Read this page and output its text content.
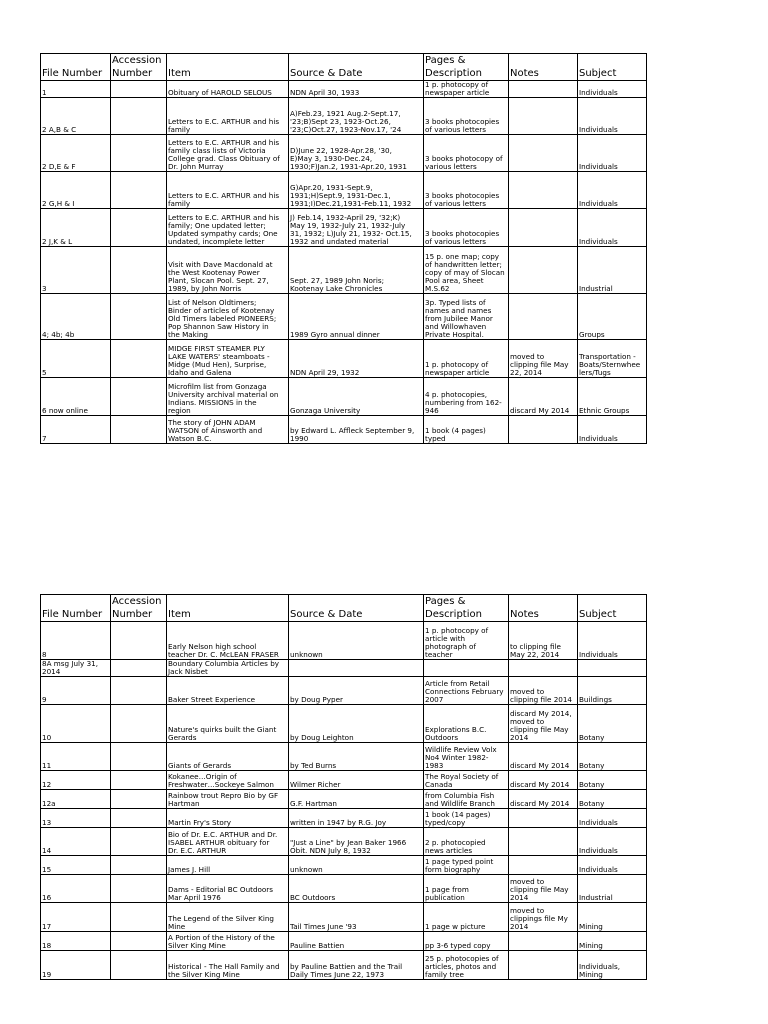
File Number	Accession
Number	Item	Source & Date	Pages &
Description	Notes	Subject
1		Obituary of HAROLD SELOUS	NDN April 30, 1933	1 p. photocopy of
newspaper article		Individuals
2 A,B & C		Letters to E.C. ARTHUR and his
family	A)Feb.23, 1921 Aug.2-Sept.17,
'23;B)Sept 23, 1923-Oct.26,
'23;C)Oct.27, 1923-Nov.17, '24	3 books photocopies
of various letters		Individuals
2 D,E & F		Letters to E.C. ARTHUR and his
family class lists of Victoria
College grad. Class Obituary of
Dr. John Murray	D)June 22, 1928-Apr.28, '30,
E)May 3, 1930-Dec.24,
1930;F)Jan.2, 1931-Apr.20, 1931	3 books photocopy of
various letters		Individuals
2 G,H & I		Letters to E.C. ARTHUR and his
family	G)Apr.20, 1931-Sept.9,
1931;H)Sept.9, 1931-Dec.1,
1931;I)Dec.21,1931-Feb.11, 1932	3 books photocopies
of various letters		Individuals
2 J,K & L		Letters to E.C. ARTHUR and his
family; One updated letter;
Updated sympathy cards; One
undated, incomplete letter	J) Feb.14, 1932-April 29, '32;K)
May 19, 1932-July 21, 1932-July
31, 1932; L)July 21, 1932- Oct.15,
1932 and undated material	3 books photocopies
of various letters		Individuals
3		Visit with Dave Macdonald at
the West Kootenay Power
Plant, Slocan Pool. Sept. 27,
1989, by John Norris	Sept. 27, 1989 John Noris;
Kootenay Lake Chronicles	15 p. one map; copy
of handwritten letter;
copy of may of Slocan
Pool area, Sheet
M.S.62		Industrial
4; 4b; 4b		List of Nelson Oldtimers;
Binder of articles of Kootenay
Old Timers labeled PIONEERS;
Pop Shannon Saw History in
the Making	1989 Gyro annual dinner	3p. Typed lists of
names and names
from Jubilee Manor
and Willowhaven
Private Hospital.		Groups
5		MIDGE FIRST STEAMER PLY
LAKE WATERS' steamboats -
Midge (Mud Hen), Surprise,
Idaho and Galena	NDN April 29, 1932	1 p. photocopy of
newspaper article	moved to
clipping file May
22, 2014	Transportation -
Boats/Sternwhee
lers/Tugs
6 now online		Microfilm list from Gonzaga
University archival material on
Indians. MISSIONS in the
region	Gonzaga University	4 p. photocopies,
numbering from 162-
946	discard My 2014	Ethnic Groups
7		The story of JOHN ADAM
WATSON of Ainsworth and
Watson B.C.	by Edward L. Affleck September 9,
1990	1 book (4 pages)
typed		Individuals
File Number	Accession
Number	Item	Source & Date	Pages &
Description	Notes	Subject
8		Early Nelson high school
teacher Dr. C. McLEAN FRASER	unknown	1 p. photocopy of
article with
photograph of
teacher	to clipping file
May 22, 2014	Individuals
8A msg July 31,
2014		Boundary Columbia Articles by
Jack Nisbet				
9		Baker Street Experience	by Doug Pyper	Article from Retail
Connections February
2007	moved to
clipping file 2014	Buildings
10		Nature's quirks built the Giant
Gerards	by Doug Leighton	Explorations B.C.
Outdoors	discard My 2014,
moved to
clipping file May
2014	Botany
11		Giants of Gerards	by Ted Burns	Wildlife Review Volx
No4 Winter 1982-
1983	discard My 2014	Botany
12		Kokanee…Origin of
Freshwater…Sockeye Salmon	Wilmer Richer	The Royal Society of
Canada	discard My 2014	Botany
12a		Rainbow trout Repro Bio by GF
Hartman	G.F. Hartman	from Columbia Fish
and Wildlife Branch	discard My 2014	Botany
13		Martin Fry's Story	written in 1947 by R.G. Joy	1 book (14 pages)
typed/copy		Individuals
14		Bio of Dr. E.C. ARTHUR and Dr.
ISABEL ARTHUR obituary for
Dr. E.C. ARTHUR	"Just a Line" by Jean Baker 1966
Obit. NDN July 8, 1932	2 p. photocopied
news articles		Individuals
15		James J. Hill	unknown	1 page typed point
form biography		Individuals
16		Dams - Editorial BC Outdoors
Mar April 1976	BC Outdoors	1 page from
publication	moved to
clipping file May
2014	Industrial
17		The Legend of the Silver King
Mine	Tail Times June '93	1 page w picture	moved to
clippings file My
2014	Mining
18		A Portion of the History of the
Silver King Mine	Pauline Battien	pp 3-6 typed copy		Mining
19		Historical - The Hall Family and
the Silver King Mine	by Pauline Battien and the Trail
Daily Times June 22, 1973	25 p. photocopies of
articles, photos and
family tree		Individuals,
Mining
